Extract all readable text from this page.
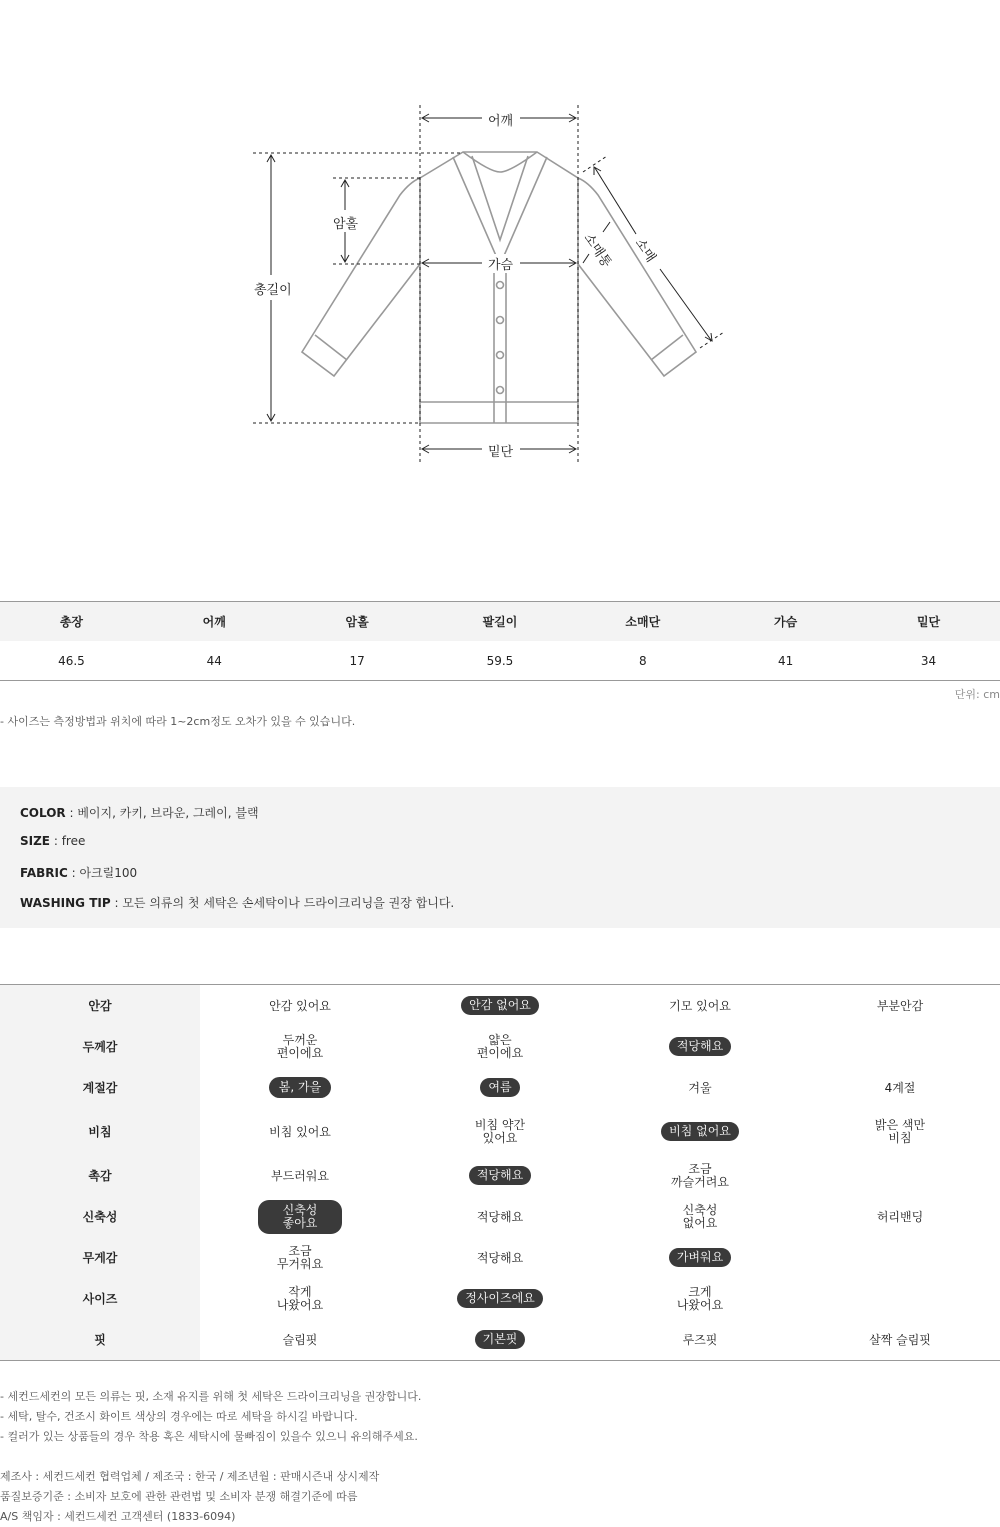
어깨
밑단
가슴
총길이
암홀
소매
소매통
총장	어깨	암홀	팔길이	소매단	가슴	밑단
46.5	44	17	59.5	8	41	34
단위: cm
- 사이즈는 측정방법과 위치에 따라 1~2cm정도 오차가 있을 수 있습니다.
COLOR : 베이지, 카키, 브라운, 그레이, 블랙
SIZE : free
FABRIC : 아크릴100
WASHING TIP : 모든 의류의 첫 세탁은 손세탁이나 드라이크리닝을 권장 합니다.
안감	안감 있어요	안감 없어요	기모 있어요	부분안감
두께감	두꺼운 편이에요	얇은 편이에요	적당해요	
계절감	봄, 가을	여름	겨울	4계절
비침	비침 있어요	비침 약간 있어요	비침 없어요	밝은 색만 비침
촉감	부드러워요	적당해요	조금 까슬거려요	
신축성	신축성 좋아요	적당해요	신축성 없어요	허리밴딩
무게감	조금 무거워요	적당해요	가벼워요	
사이즈	작게 나왔어요	정사이즈에요	크게 나왔어요	
핏	슬림핏	기본핏	루즈핏	살짝 슬림핏
- 세컨드세컨의 모든 의류는 핏, 소재 유지를 위해 첫 세탁은 드라이크리닝을 권장합니다.
- 세탁, 탈수, 건조시 화이트 색상의 경우에는 따로 세탁을 하시길 바랍니다.
- 컬러가 있는 상품들의 경우 착용 혹은 세탁시에 물빠짐이 있을수 있으니 유의해주세요.
제조사 : 세컨드세컨 협력업체 / 제조국 : 한국 / 제조년월 : 판매시즌내 상시제작
품질보증기준 : 소비자 보호에 관한 관련법 및 소비자 분쟁 해결기준에 따름
A/S 책임자 : 세컨드세컨 고객센터 (1833-6094)
